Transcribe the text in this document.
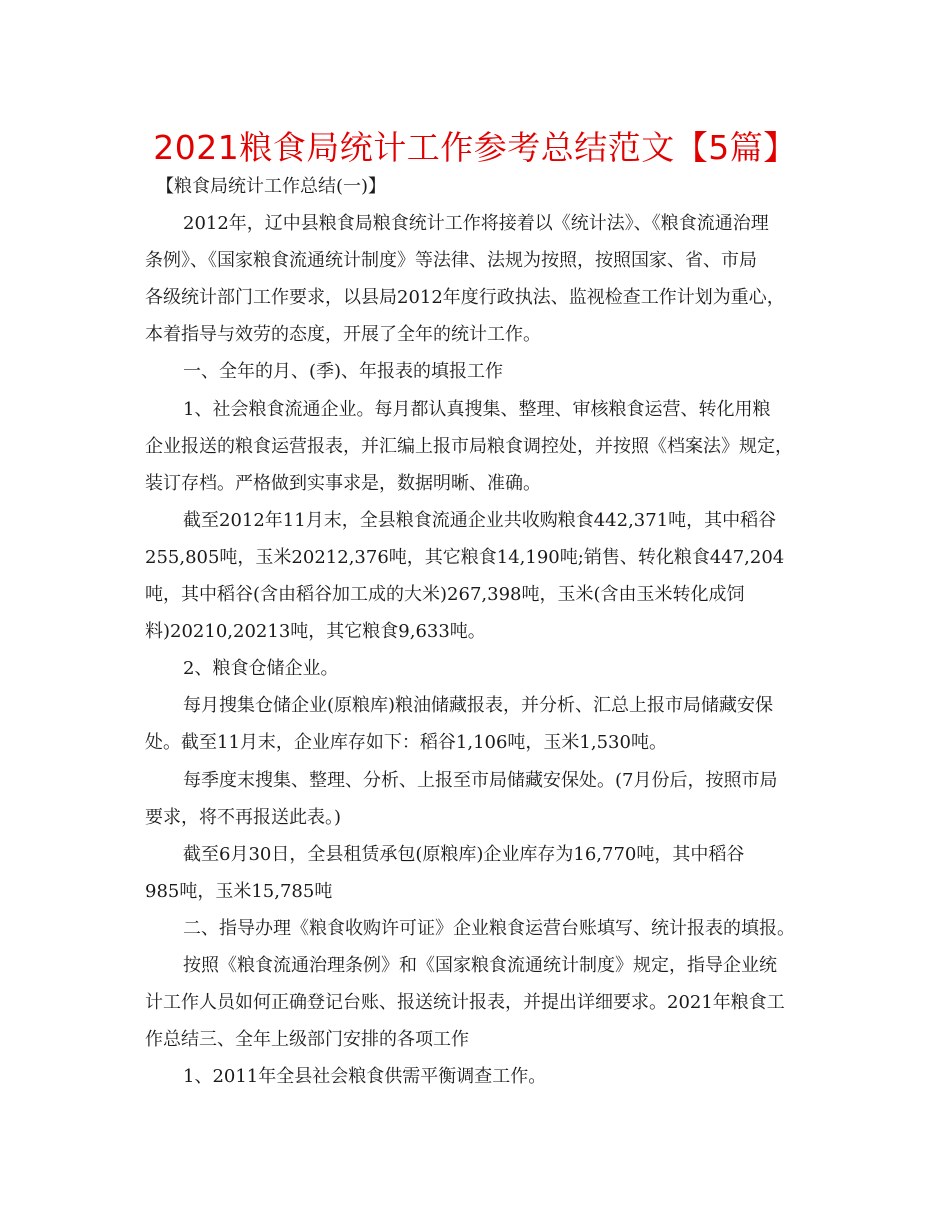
2021粮食局统计工作参考总结范文【5篇】
【粮食局统计工作总结(一)】
2012年，辽中县粮食局粮食统计工作将接着以《统计法》、《粮食流通治理
条例》、《国家粮食流通统计制度》等法律、法规为按照，按照国家、省、市局
各级统计部门工作要求，以县局2012年度行政执法、监视检查工作计划为重心，
本着指导与效劳的态度，开展了全年的统计工作。
一、全年的月、(季)、年报表的填报工作
1、社会粮食流通企业。每月都认真搜集、整理、审核粮食运营、转化用粮
企业报送的粮食运营报表，并汇编上报市局粮食调控处，并按照《档案法》规定，
装订存档。严格做到实事求是，数据明晰、准确。
截至2012年11月末，全县粮食流通企业共收购粮食442,371吨，其中稻谷
255,805吨，玉米20212,376吨，其它粮食14,190吨;销售、转化粮食447,204
吨，其中稻谷(含由稻谷加工成的大米)267,398吨，玉米(含由玉米转化成饲
料)20210,20213吨，其它粮食9,633吨。
2、粮食仓储企业。
每月搜集仓储企业(原粮库)粮油储藏报表，并分析、汇总上报市局储藏安保
处。截至11月末，企业库存如下：稻谷1,106吨，玉米1,530吨。
每季度末搜集、整理、分析、上报至市局储藏安保处。(7月份后，按照市局
要求，将不再报送此表。)
截至6月30日，全县租赁承包(原粮库)企业库存为16,770吨，其中稻谷
985吨，玉米15,785吨
二、指导办理《粮食收购许可证》企业粮食运营台账填写、统计报表的填报。
按照《粮食流通治理条例》和《国家粮食流通统计制度》规定，指导企业统
计工作人员如何正确登记台账、报送统计报表，并提出详细要求。2021年粮食工
作总结三、全年上级部门安排的各项工作
1、2011年全县社会粮食供需平衡调查工作。
